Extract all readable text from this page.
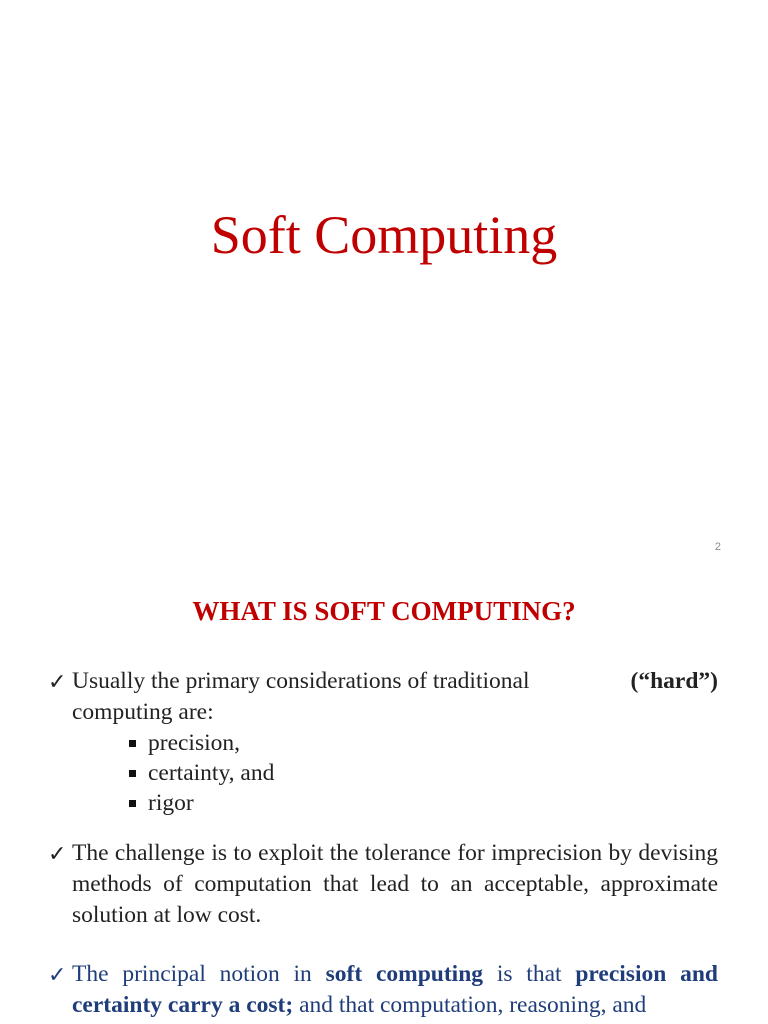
Soft Computing
2
WHAT IS SOFT COMPUTING?
✓ Usually the primary considerations of traditional	(“hard”)
computing are:
precision,
certainty, and
rigor
✓ The challenge is to exploit the tolerance for imprecision by devising methods of computation that lead to an acceptable, approximate solution at low cost.
✓ The principal notion in soft computing is that precision and certainty carry a cost; and that computation, reasoning, and
